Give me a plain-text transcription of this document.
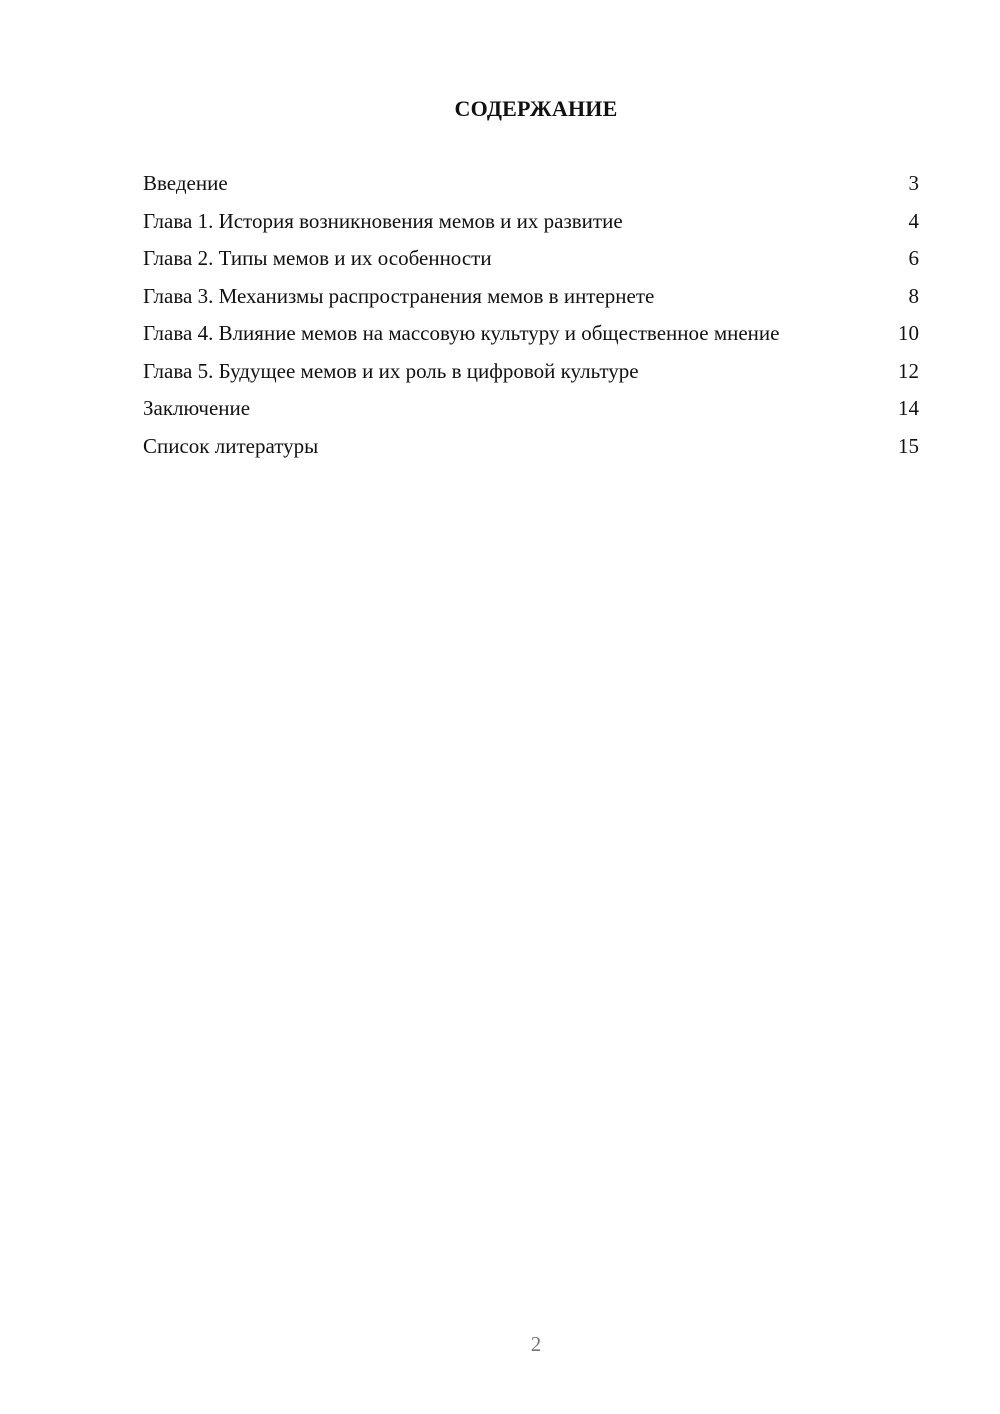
СОДЕРЖАНИЕ
Введение	3
Глава 1. История возникновения мемов и их развитие	4
Глава 2. Типы мемов и их особенности	6
Глава 3. Механизмы распространения мемов в интернете	8
Глава 4. Влияние мемов на массовую культуру и общественное мнение	10
Глава 5. Будущее мемов и их роль в цифровой культуре	12
Заключение	14
Список литературы	15
2
